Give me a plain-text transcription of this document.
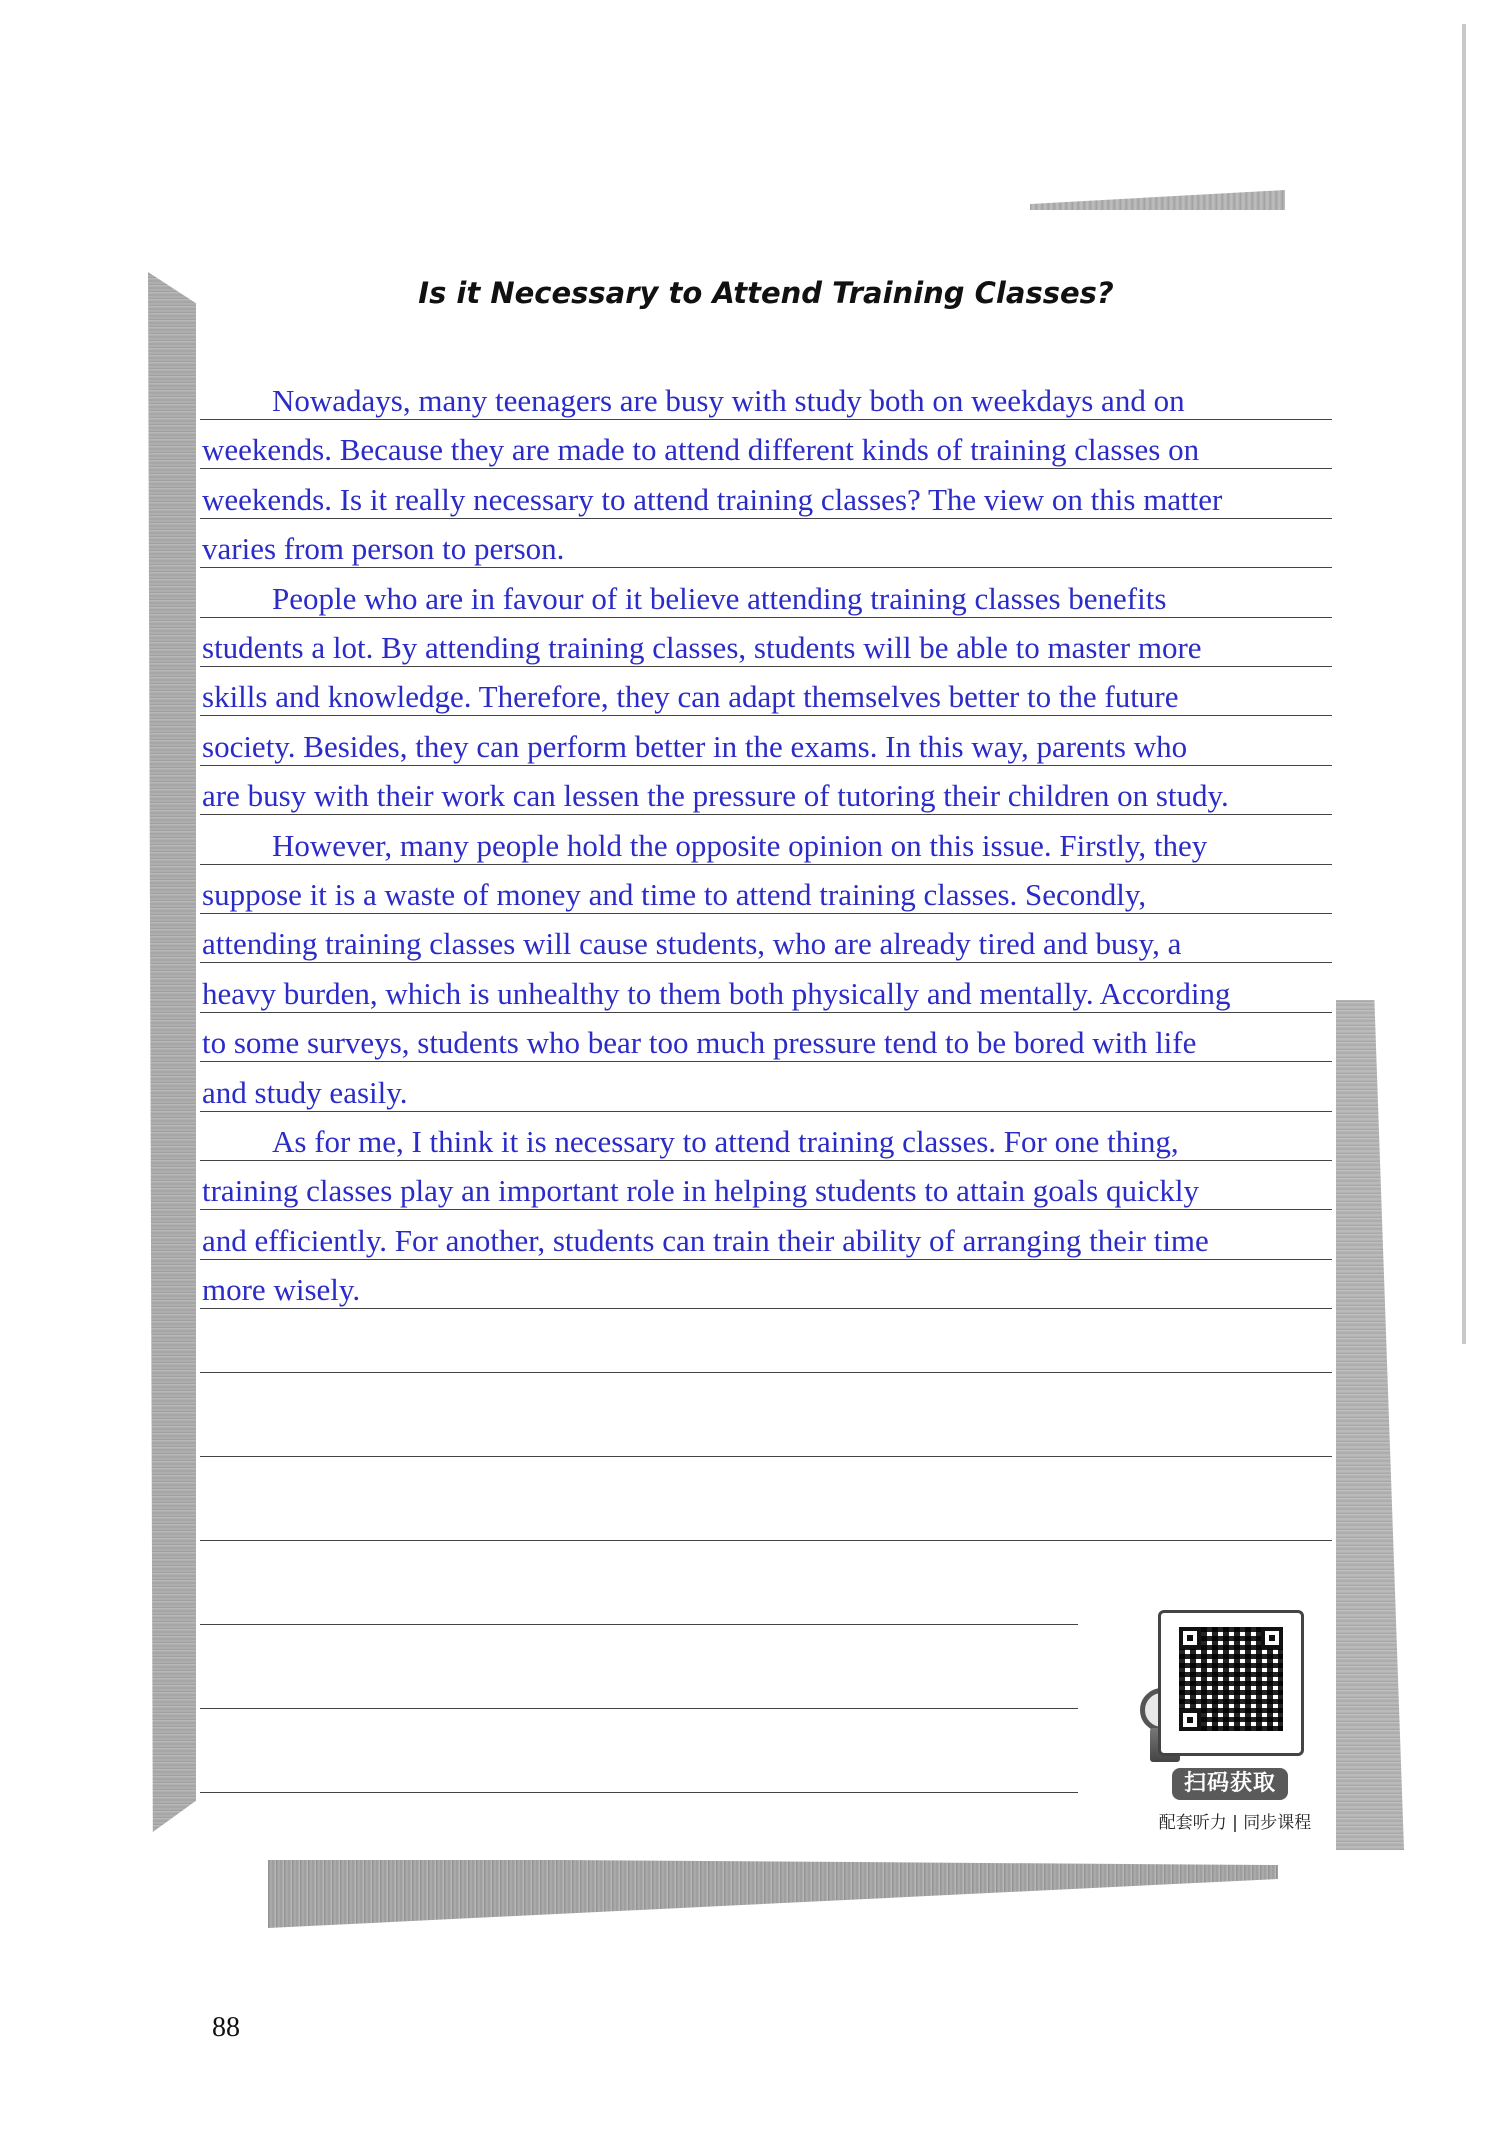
Is it Necessary to Attend Training Classes?
Nowadays, many teenagers are busy with study both on weekdays and on
weekends. Because they are made to attend different kinds of training classes on
weekends. Is it really necessary to attend training classes? The view on this matter
varies from person to person.
People who are in favour of it believe attending training classes benefits
students a lot. By attending training classes, students will be able to master more
skills and knowledge. Therefore, they can adapt themselves better to the future
society. Besides, they can perform better in the exams. In this way, parents who
are busy with their work can lessen the pressure of tutoring their children on study.
However, many people hold the opposite opinion on this issue. Firstly, they
suppose it is a waste of money and time to attend training classes. Secondly,
attending training classes will cause students, who are already tired and busy, a
heavy burden, which is unhealthy to them both physically and mentally. According
to some surveys, students who bear too much pressure tend to be bored with life
and study easily.
As for me, I think it is necessary to attend training classes. For one thing,
training classes play an important role in helping students to attain goals quickly
and efficiently. For another, students can train their ability of arranging their time
more wisely.
扫码获取
配套听力 | 同步课程
88
